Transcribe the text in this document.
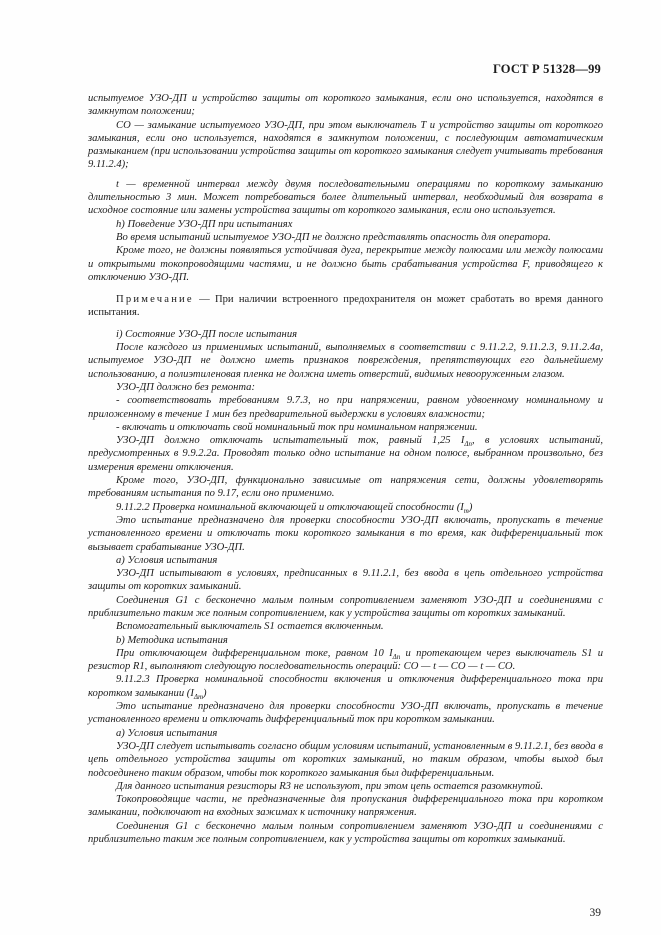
ГОСТ Р 51328—99

испытуемое УЗО-ДП и устройство защиты от короткого замыкания, если оно используется, находятся в замкнутом положении;

CO — замыкание испытуемого УЗО-ДП, при этом выключатель T и устройство защиты от короткого замыкания, если оно используется, находятся в замкнутом положении, с последующим автоматическим размыканием (при использовании устройства защиты от короткого замыкания следует учитывать требования 9.11.2.4);

t — временной интервал между двумя последовательными операциями по короткому замыканию длительностью 3 мин. Может потребоваться более длительный интервал, необходимый для возврата в исходное состояние или замены устройства защиты от короткого замыкания, если оно используется.

h) Поведение УЗО-ДП при испытаниях

Во время испытаний испытуемое УЗО-ДП не должно представлять опасность для оператора.

Кроме того, не должны появляться устойчивая дуга, перекрытие между полюсами или между полюсами и открытыми токопроводящими частями, и не должно быть срабатывания устройства F, приводящего к отключению УЗО-ДП.

Примечание — При наличии встроенного предохранителя он может сработать во время данного испытания.

i) Состояние УЗО-ДП после испытания

После каждого из применимых испытаний, выполняемых в соответствии с 9.11.2.2, 9.11.2.3, 9.11.2.4а, испытуемое УЗО-ДП не должно иметь признаков повреждения, препятствующих его дальнейшему использованию, а полиэтиленовая пленка не должна иметь отверстий, видимых невооруженным глазом.

УЗО-ДП должно без ремонта:

- соответствовать требованиям 9.7.3, но при напряжении, равном удвоенному номинальному и приложенному в течение 1 мин без предварительной выдержки в условиях влажности;

- включать и отключать свой номинальный ток при номинальном напряжении.

УЗО-ДП должно отключать испытательный ток, равный 1,25 $I_{\Delta n}$, в условиях испытаний, предусмотренных в 9.9.2.2а. Проводят только одно испытание на одном полюсе, выбранном произвольно, без измерения времени отключения.

Кроме того, УЗО-ДП, функционально зависимые от напряжения сети, должны удовлетворять требованиям испытания по 9.17, если оно применимо.

9.11.2.2 Проверка номинальной включающей и отключающей способности $(I_m)$

Это испытание предназначено для проверки способности УЗО-ДП включать, пропускать в течение установленного времени и отключать токи короткого замыкания в то время, как дифференциальный ток вызывает срабатывание УЗО-ДП.

a) Условия испытания

УЗО-ДП испытывают в условиях, предписанных в 9.11.2.1, без ввода в цепь отдельного устройства защиты от коротких замыканий.

Соединения G1 с бесконечно малым полным сопротивлением заменяют УЗО-ДП и соединениями с приблизительно таким же полным сопротивлением, как у устройства защиты от коротких замыканий.

Вспомогательный выключатель S1 остается включенным.

b) Методика испытания

При отключающем дифференциальном токе, равном 10 $I_{\Delta n}$ и протекающем через выключатель S1 и резистор R1, выполняют следующую последовательность операций: CO — t — CO — t — CO.

9.11.2.3 Проверка номинальной способности включения и отключения дифференциального тока при коротком замыкании $(I_{\Delta m})$

Это испытание предназначено для проверки способности УЗО-ДП включать, пропускать в течение установленного времени и отключать дифференциальный ток при коротком замыкании.

a) Условия испытания

УЗО-ДП следует испытывать согласно общим условиям испытаний, установленным в 9.11.2.1, без ввода в цепь отдельного устройства защиты от коротких замыканий, но таким образом, чтобы выход был подсоединено таким образом, чтобы ток короткого замыкания был дифференциальным.

Для данного испытания резисторы R3 не используют, при этом цепь остается разомкнутой.

Токопроводящие части, не предназначенные для пропускания дифференциального тока при коротком замыкании, подключают на входных зажимах к источнику напряжения.

Соединения G1 с бесконечно малым полным сопротивлением заменяют УЗО-ДП и соединениями с приблизительно таким же полным сопротивлением, как у устройства защиты от коротких замыканий.

39
